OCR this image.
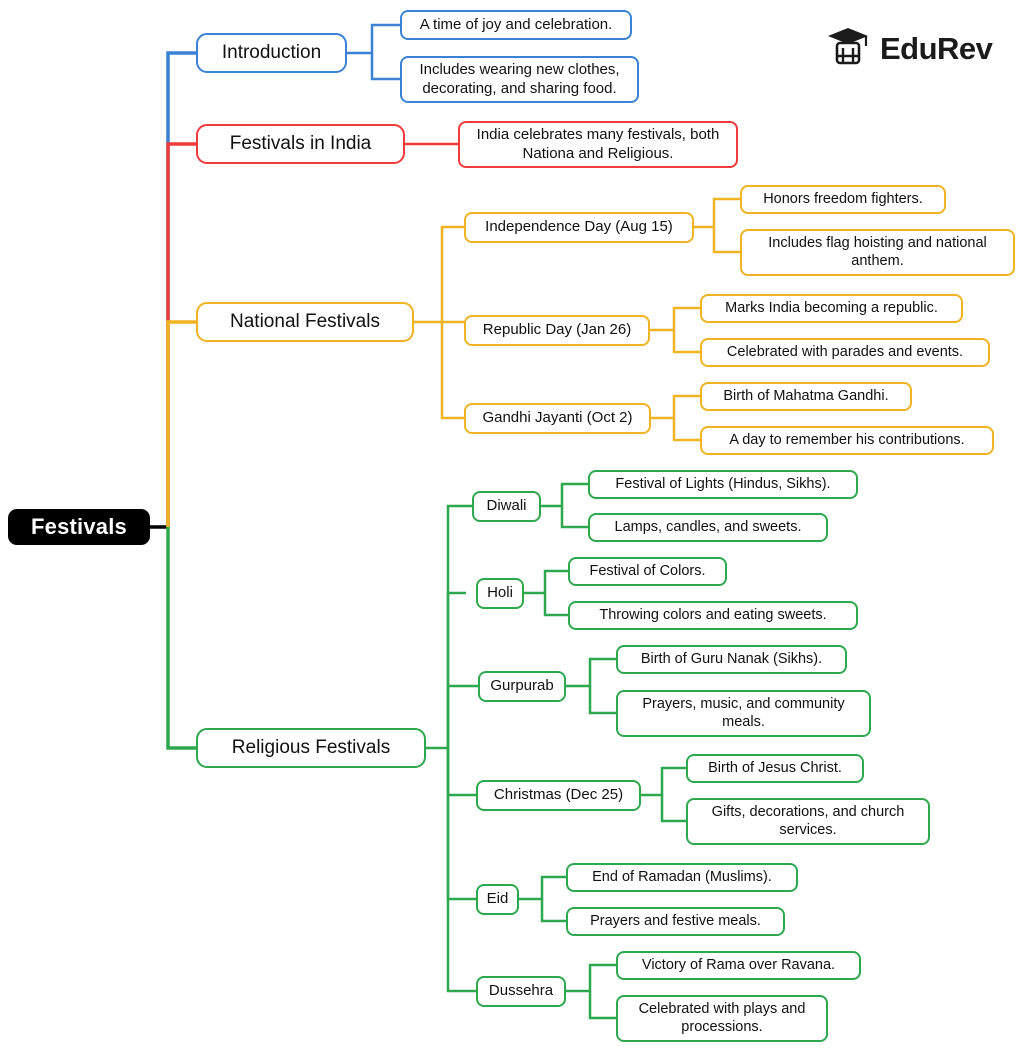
Festivals
Introduction
Festivals in India
National Festivals
Religious Festivals
A time of joy and celebration.
Includes wearing new clothes, decorating, and sharing food.
India celebrates many festivals, both Nationa and Religious.
Independence Day (Aug 15)
Honors freedom fighters.
Includes flag hoisting and national anthem.
Republic Day (Jan 26)
Marks India becoming a republic.
Celebrated with parades and events.
Gandhi Jayanti (Oct 2)
Birth of Mahatma Gandhi.
A day to remember his contributions.
Diwali
Festival of Lights (Hindus, Sikhs).
Lamps, candles, and sweets.
Holi
Festival of Colors.
Throwing colors and eating sweets.
Gurpurab
Birth of Guru Nanak (Sikhs).
Prayers, music, and community meals.
Christmas (Dec 25)
Birth of Jesus Christ.
Gifts, decorations, and church services.
Eid
End of Ramadan (Muslims).
Prayers and festive meals.
Dussehra
Victory of Rama over Ravana.
Celebrated with plays and processions.
EduRev
